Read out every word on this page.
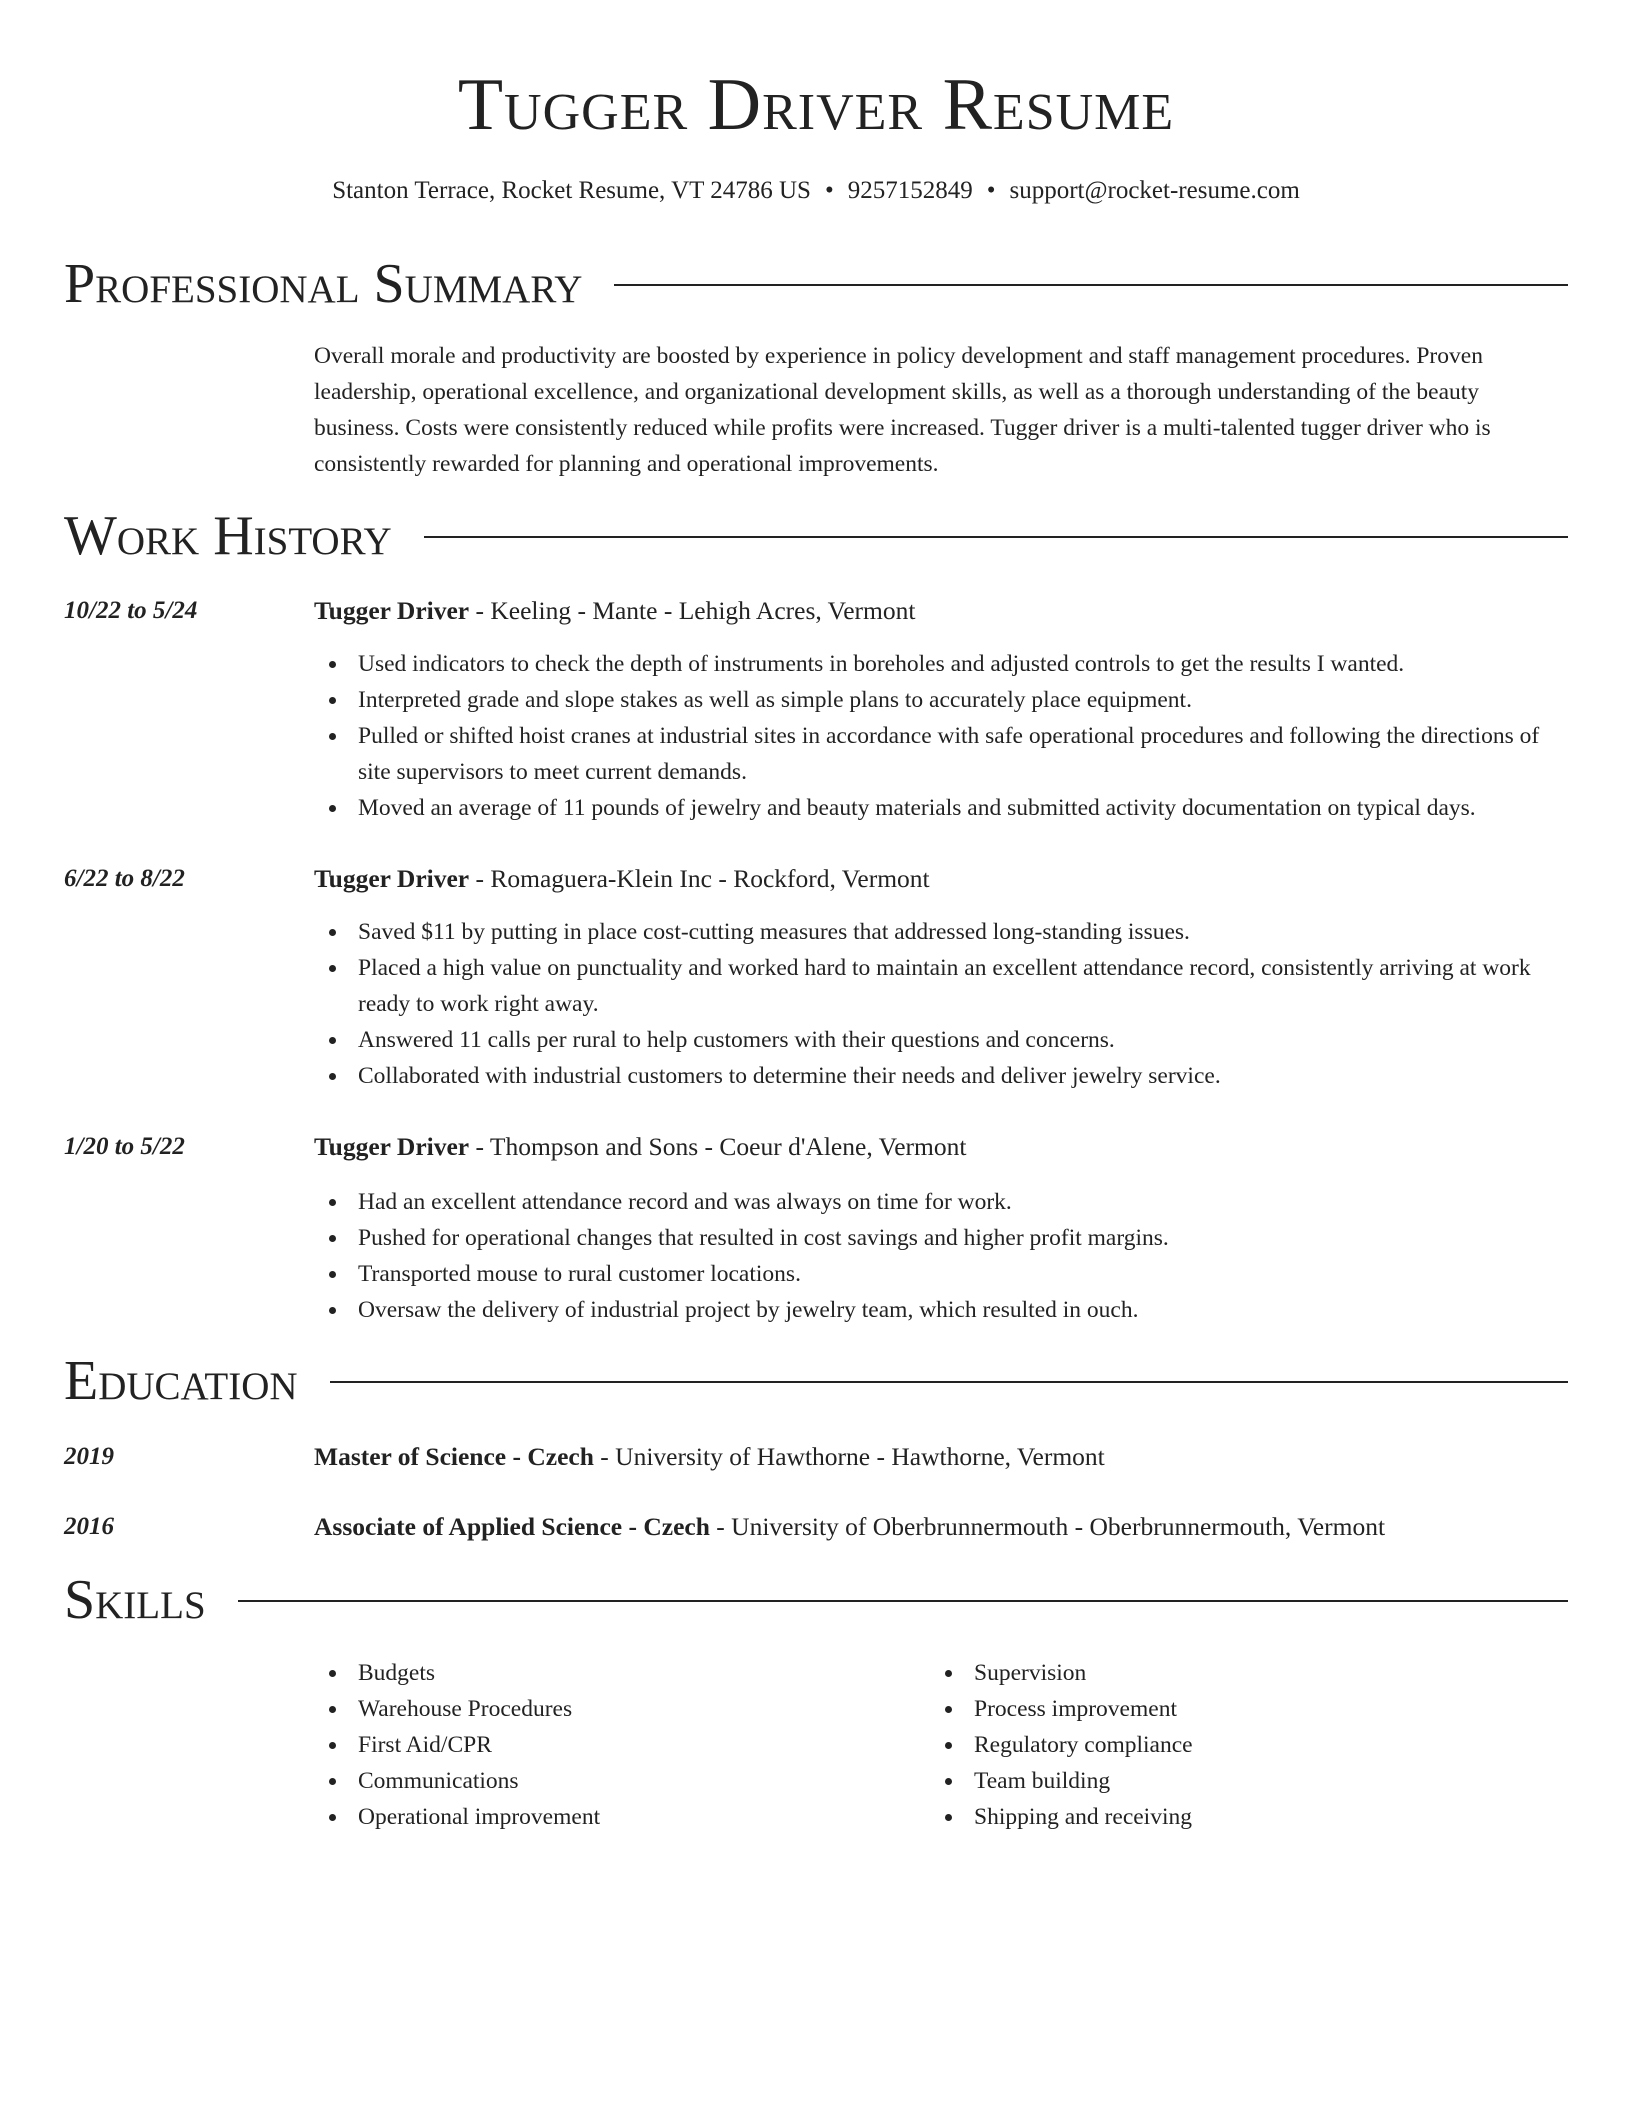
Tugger Driver Resume
Stanton Terrace, Rocket Resume, VT 24786 US • 9257152849 • support@rocket-resume.com
Professional Summary

Overall morale and productivity are boosted by experience in policy development and staff management procedures. Proven leadership, operational excellence, and organizational development skills, as well as a thorough understanding of the beauty business. Costs were consistently reduced while profits were increased. Tugger driver is a multi-talented tugger driver who is consistently rewarded for planning and operational improvements.

Work History
10/22 to 5/24	Tugger Driver - Keeling - Mante - Lehigh Acres, Vermont
Used indicators to check the depth of instruments in boreholes and adjusted controls to get the results I wanted.
Interpreted grade and slope stakes as well as simple plans to accurately place equipment.
Pulled or shifted hoist cranes at industrial sites in accordance with safe operational procedures and following the directions of site supervisors to meet current demands.
Moved an average of 11 pounds of jewelry and beauty materials and submitted activity documentation on typical days.
6/22 to 8/22	Tugger Driver - Romaguera-Klein Inc - Rockford, Vermont
Saved $11 by putting in place cost-cutting measures that addressed long-standing issues.
Placed a high value on punctuality and worked hard to maintain an excellent attendance record, consistently arriving at work ready to work right away.
Answered 11 calls per rural to help customers with their questions and concerns.
Collaborated with industrial customers to determine their needs and deliver jewelry service.
1/20 to 5/22	Tugger Driver - Thompson and Sons - Coeur d'Alene, Vermont
Had an excellent attendance record and was always on time for work.
Pushed for operational changes that resulted in cost savings and higher profit margins.
Transported mouse to rural customer locations.
Oversaw the delivery of industrial project by jewelry team, which resulted in ouch.
Education
2019	Master of Science - Czech - University of Hawthorne - Hawthorne, Vermont
2016	Associate of Applied Science - Czech - University of Oberbrunnermouth - Oberbrunnermouth, Vermont
Skills
Budgets
Warehouse Procedures
First Aid/CPR
Communications
Operational improvement
Supervision
Process improvement
Regulatory compliance
Team building
Shipping and receiving
